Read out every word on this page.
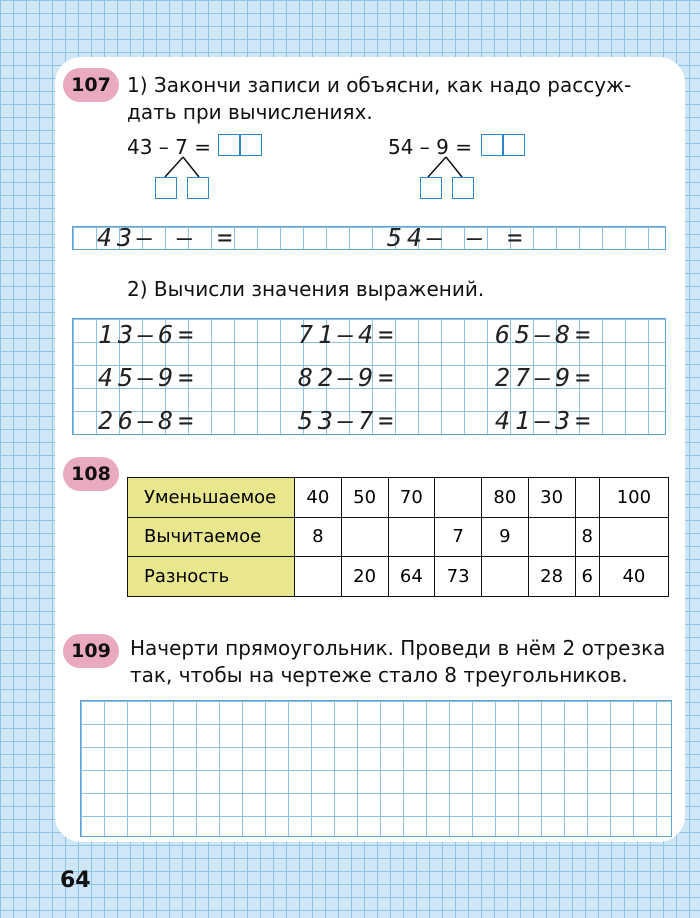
107 1) Закончи записи и объясни, как надо рассуж-
дать при вычислениях.
43 – 7 =	54 – 9 =
43– – =	54– – =
2) Вычисли значения выражений.
13–6=	71–4=	65–8=
45–9=	82–9=	27–9=
26–8=	53–7=	41–3=
108
Уменьшаемое	40	50	70		80	30		100
Вычитаемое	8			7	9		8	
Разность		20	64	73		28	6	40
109 Начерти прямоугольник. Проведи в нём 2 отрезка
так, чтобы на чертеже стало 8 треугольников.
64
